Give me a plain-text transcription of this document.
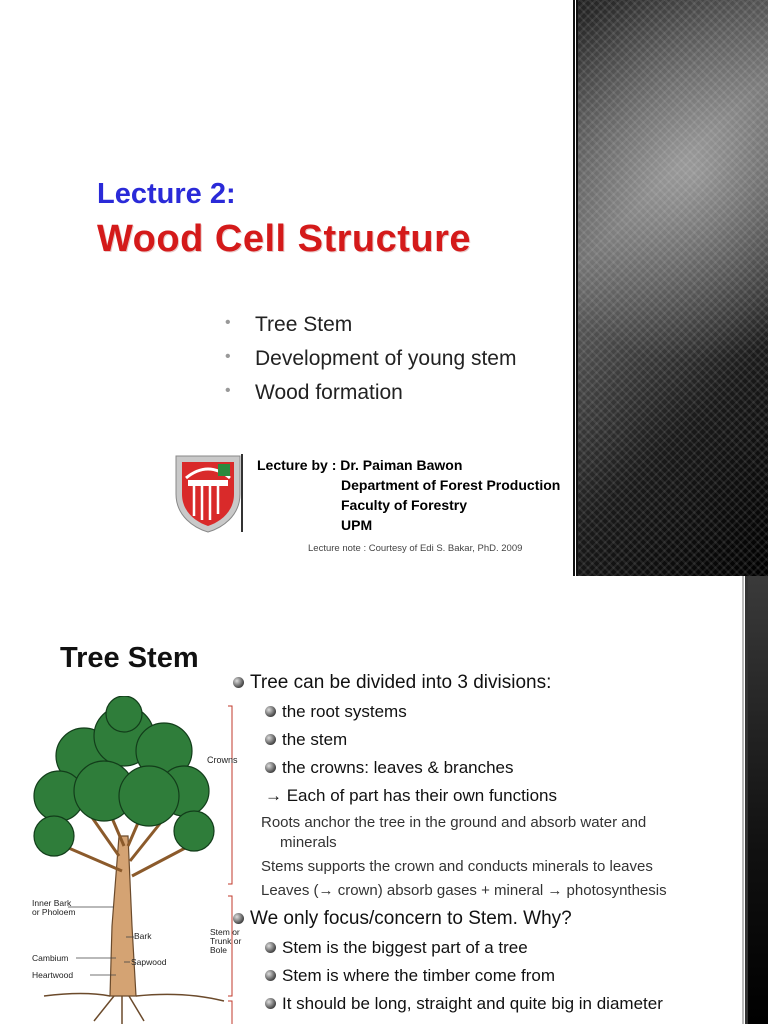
Lecture 2:
Wood Cell Structure
• Tree Stem
• Development of young stem
• Wood formation
Lecture by : Dr. Paiman Bawon
Department of Forest Production
Faculty of Forestry
UPM
Lecture note : Courtesy of Edi S. Bakar, PhD. 2009
Tree Stem
Crowns
Inner Bark
or Pholoem
Bark
Cambium
Heartwood
Sapwood
Stem or
Trunk or
Bole
Tree can be divided into 3 divisions:
the root systems
the stem
the crowns: leaves & branches
→ Each of part has their own functions
Roots anchor the tree in the ground and absorb water and
minerals
Stems supports the crown and conducts minerals to leaves
Leaves (→ crown) absorb gases + mineral → photosynthesis
We only focus/concern to Stem. Why?
Stem is the biggest part of a tree
Stem is where the timber come from
It should be long, straight and quite big in diameter
